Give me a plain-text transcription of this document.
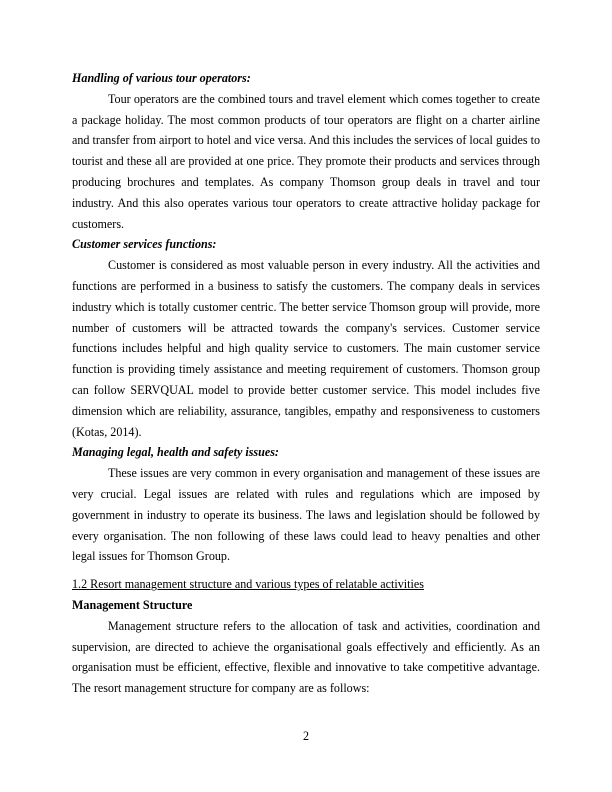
Handling of various tour operators:

Tour operators are the combined tours and travel element which comes together to create a package holiday. The most common products of tour operators are flight on a charter airline and transfer from airport to hotel and vice versa. And this includes the services of local guides to tourist and these all are provided at one price. They promote their products and services through producing brochures and templates. As company Thomson group deals in travel and tour industry. And this also operates various tour operators to create attractive holiday package for customers.

Customer services functions:

Customer is considered as most valuable person in every industry. All the activities and functions are performed in a business to satisfy the customers. The company deals in services industry which is totally customer centric. The better service Thomson group will provide, more number of customers will be attracted towards the company's services. Customer service functions includes helpful and high quality service to customers. The main customer service function is providing timely assistance and meeting requirement of customers. Thomson group can follow SERVQUAL model to provide better customer service. This model includes five dimension which are reliability, assurance, tangibles, empathy and responsiveness to customers (Kotas, 2014).

Managing legal, health and safety issues:

These issues are very common in every organisation and management of these issues are very crucial. Legal issues are related with rules and regulations which are imposed by government in industry to operate its business. The laws and legislation should be followed by every organisation. The non following of these laws could lead to heavy penalties and other legal issues for Thomson Group.

1.2 Resort management structure and various types of relatable activities

Management Structure

Management structure refers to the allocation of task and activities, coordination and supervision, are directed to achieve the organisational goals effectively and efficiently. As an organisation must be efficient, effective, flexible and innovative to take competitive advantage. The resort management structure for company are as follows:

2
